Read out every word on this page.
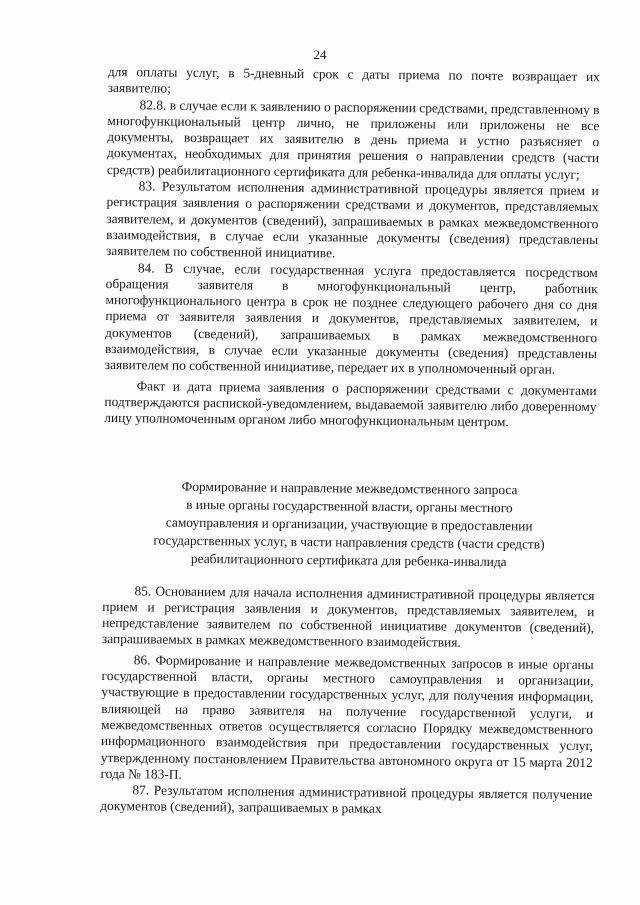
24

для оплаты услуг, в 5-дневный срок с даты приема по почте возвращает их заявителю;

82.8. в случае если к заявлению о распоряжении средствами, представленному в многофункциональный центр лично, не приложены или приложены не все документы, возвращает их заявителю в день приема и устно разъясняет о документах, необходимых для принятия решения о направлении средств (части средств) реабилитационного сертификата для ребенка-инвалида для оплаты услуг;

83. Результатом исполнения административной процедуры является прием и регистрация заявления о распоряжении средствами и документов, представляемых заявителем, и документов (сведений), запрашиваемых в рамках межведомственного взаимодействия, в случае если указанные документы (сведения) представлены заявителем по собственной инициативе.

84. В случае, если государственная услуга предоставляется посредством обращения заявителя в многофункциональный центр, работник многофункционального центра в срок не позднее следующего рабочего дня со дня приема от заявителя заявления и документов, представляемых заявителем, и документов (сведений), запрашиваемых в рамках межведомственного взаимодействия, в случае если указанные документы (сведения) представлены заявителем по собственной инициативе, передает их в уполномоченный орган.

Факт и дата приема заявления о распоряжении средствами с документами подтверждаются распиской-уведомлением, выдаваемой заявителю либо доверенному лицу уполномоченным органом либо многофункциональным центром.

Формирование и направление межведомственного запроса
в иные органы государственной власти, органы местного
самоуправления и организации, участвующие в предоставлении
государственных услуг, в части направления средств (части средств)
реабилитационного сертификата для ребенка-инвалида

85. Основанием для начала исполнения административной процедуры является прием и регистрация заявления и документов, представляемых заявителем, и непредставление заявителем по собственной инициативе документов (сведений), запрашиваемых в рамках межведомственного взаимодействия.

86. Формирование и направление межведомственных запросов в иные органы государственной власти, органы местного самоуправления и организации, участвующие в предоставлении государственных услуг, для получения информации, влияющей на право заявителя на получение государственной услуги, и межведомственных ответов осуществляется согласно Порядку межведомственного информационного взаимодействия при предоставлении государственных услуг, утвержденному постановлением Правительства автономного округа от 15 марта 2012 года № 183-П.

87. Результатом исполнения административной процедуры является получение документов (сведений), запрашиваемых в рамках
